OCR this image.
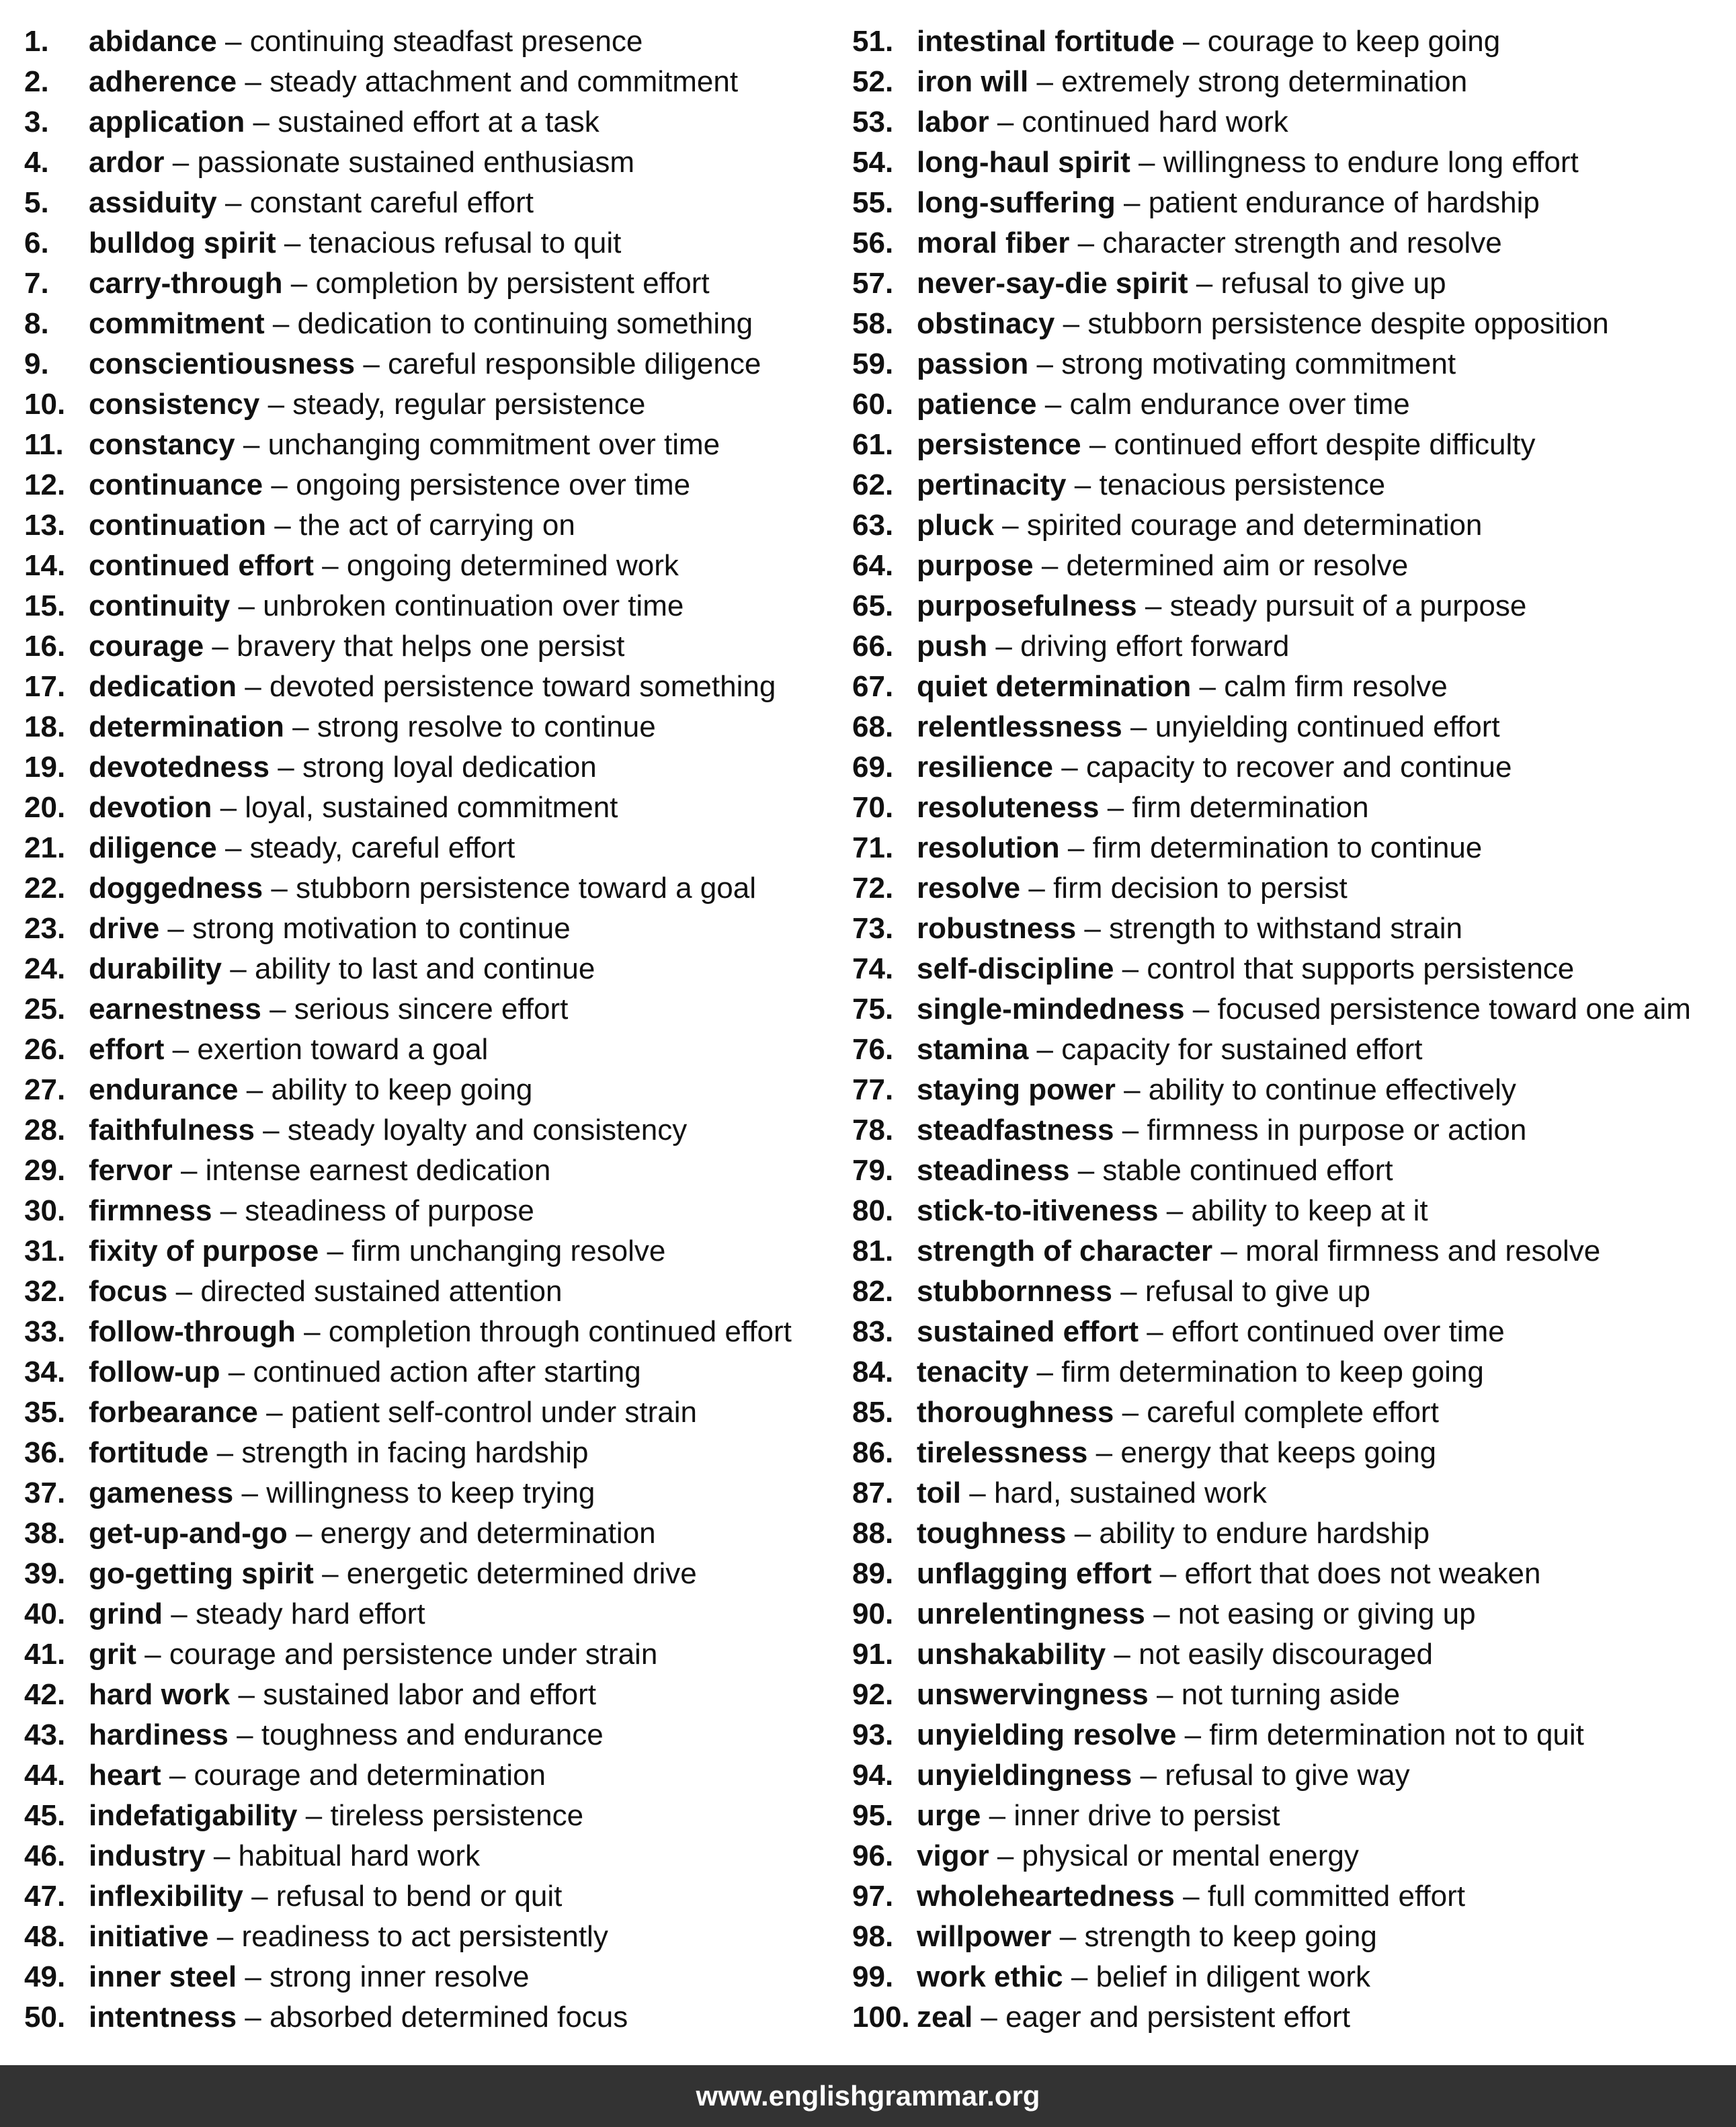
1. abidance – continuing steadfast presence
2. adherence – steady attachment and commitment
3. application – sustained effort at a task
4. ardor – passionate sustained enthusiasm
5. assiduity – constant careful effort
6. bulldog spirit – tenacious refusal to quit
7. carry-through – completion by persistent effort
8. commitment – dedication to continuing something
9. conscientiousness – careful responsible diligence
10. consistency – steady, regular persistence
11. constancy – unchanging commitment over time
12. continuance – ongoing persistence over time
13. continuation – the act of carrying on
14. continued effort – ongoing determined work
15. continuity – unbroken continuation over time
16. courage – bravery that helps one persist
17. dedication – devoted persistence toward something
18. determination – strong resolve to continue
19. devotedness – strong loyal dedication
20. devotion – loyal, sustained commitment
21. diligence – steady, careful effort
22. doggedness – stubborn persistence toward a goal
23. drive – strong motivation to continue
24. durability – ability to last and continue
25. earnestness – serious sincere effort
26. effort – exertion toward a goal
27. endurance – ability to keep going
28. faithfulness – steady loyalty and consistency
29. fervor – intense earnest dedication
30. firmness – steadiness of purpose
31. fixity of purpose – firm unchanging resolve
32. focus – directed sustained attention
33. follow-through – completion through continued effort
34. follow-up – continued action after starting
35. forbearance – patient self-control under strain
36. fortitude – strength in facing hardship
37. gameness – willingness to keep trying
38. get-up-and-go – energy and determination
39. go-getting spirit – energetic determined drive
40. grind – steady hard effort
41. grit – courage and persistence under strain
42. hard work – sustained labor and effort
43. hardiness – toughness and endurance
44. heart – courage and determination
45. indefatigability – tireless persistence
46. industry – habitual hard work
47. inflexibility – refusal to bend or quit
48. initiative – readiness to act persistently
49. inner steel – strong inner resolve
50. intentness – absorbed determined focus
51. intestinal fortitude – courage to keep going
52. iron will – extremely strong determination
53. labor – continued hard work
54. long-haul spirit – willingness to endure long effort
55. long-suffering – patient endurance of hardship
56. moral fiber – character strength and resolve
57. never-say-die spirit – refusal to give up
58. obstinacy – stubborn persistence despite opposition
59. passion – strong motivating commitment
60. patience – calm endurance over time
61. persistence – continued effort despite difficulty
62. pertinacity – tenacious persistence
63. pluck – spirited courage and determination
64. purpose – determined aim or resolve
65. purposefulness – steady pursuit of a purpose
66. push – driving effort forward
67. quiet determination – calm firm resolve
68. relentlessness – unyielding continued effort
69. resilience – capacity to recover and continue
70. resoluteness – firm determination
71. resolution – firm determination to continue
72. resolve – firm decision to persist
73. robustness – strength to withstand strain
74. self-discipline – control that supports persistence
75. single-mindedness – focused persistence toward one aim
76. stamina – capacity for sustained effort
77. staying power – ability to continue effectively
78. steadfastness – firmness in purpose or action
79. steadiness – stable continued effort
80. stick-to-itiveness – ability to keep at it
81. strength of character – moral firmness and resolve
82. stubbornness – refusal to give up
83. sustained effort – effort continued over time
84. tenacity – firm determination to keep going
85. thoroughness – careful complete effort
86. tirelessness – energy that keeps going
87. toil – hard, sustained work
88. toughness – ability to endure hardship
89. unflagging effort – effort that does not weaken
90. unrelentingness – not easing or giving up
91. unshakability – not easily discouraged
92. unswervingness – not turning aside
93. unyielding resolve – firm determination not to quit
94. unyieldingness – refusal to give way
95. urge – inner drive to persist
96. vigor – physical or mental energy
97. wholeheartedness – full committed effort
98. willpower – strength to keep going
99. work ethic – belief in diligent work
100. zeal – eager and persistent effort
www.englishgrammar.org
